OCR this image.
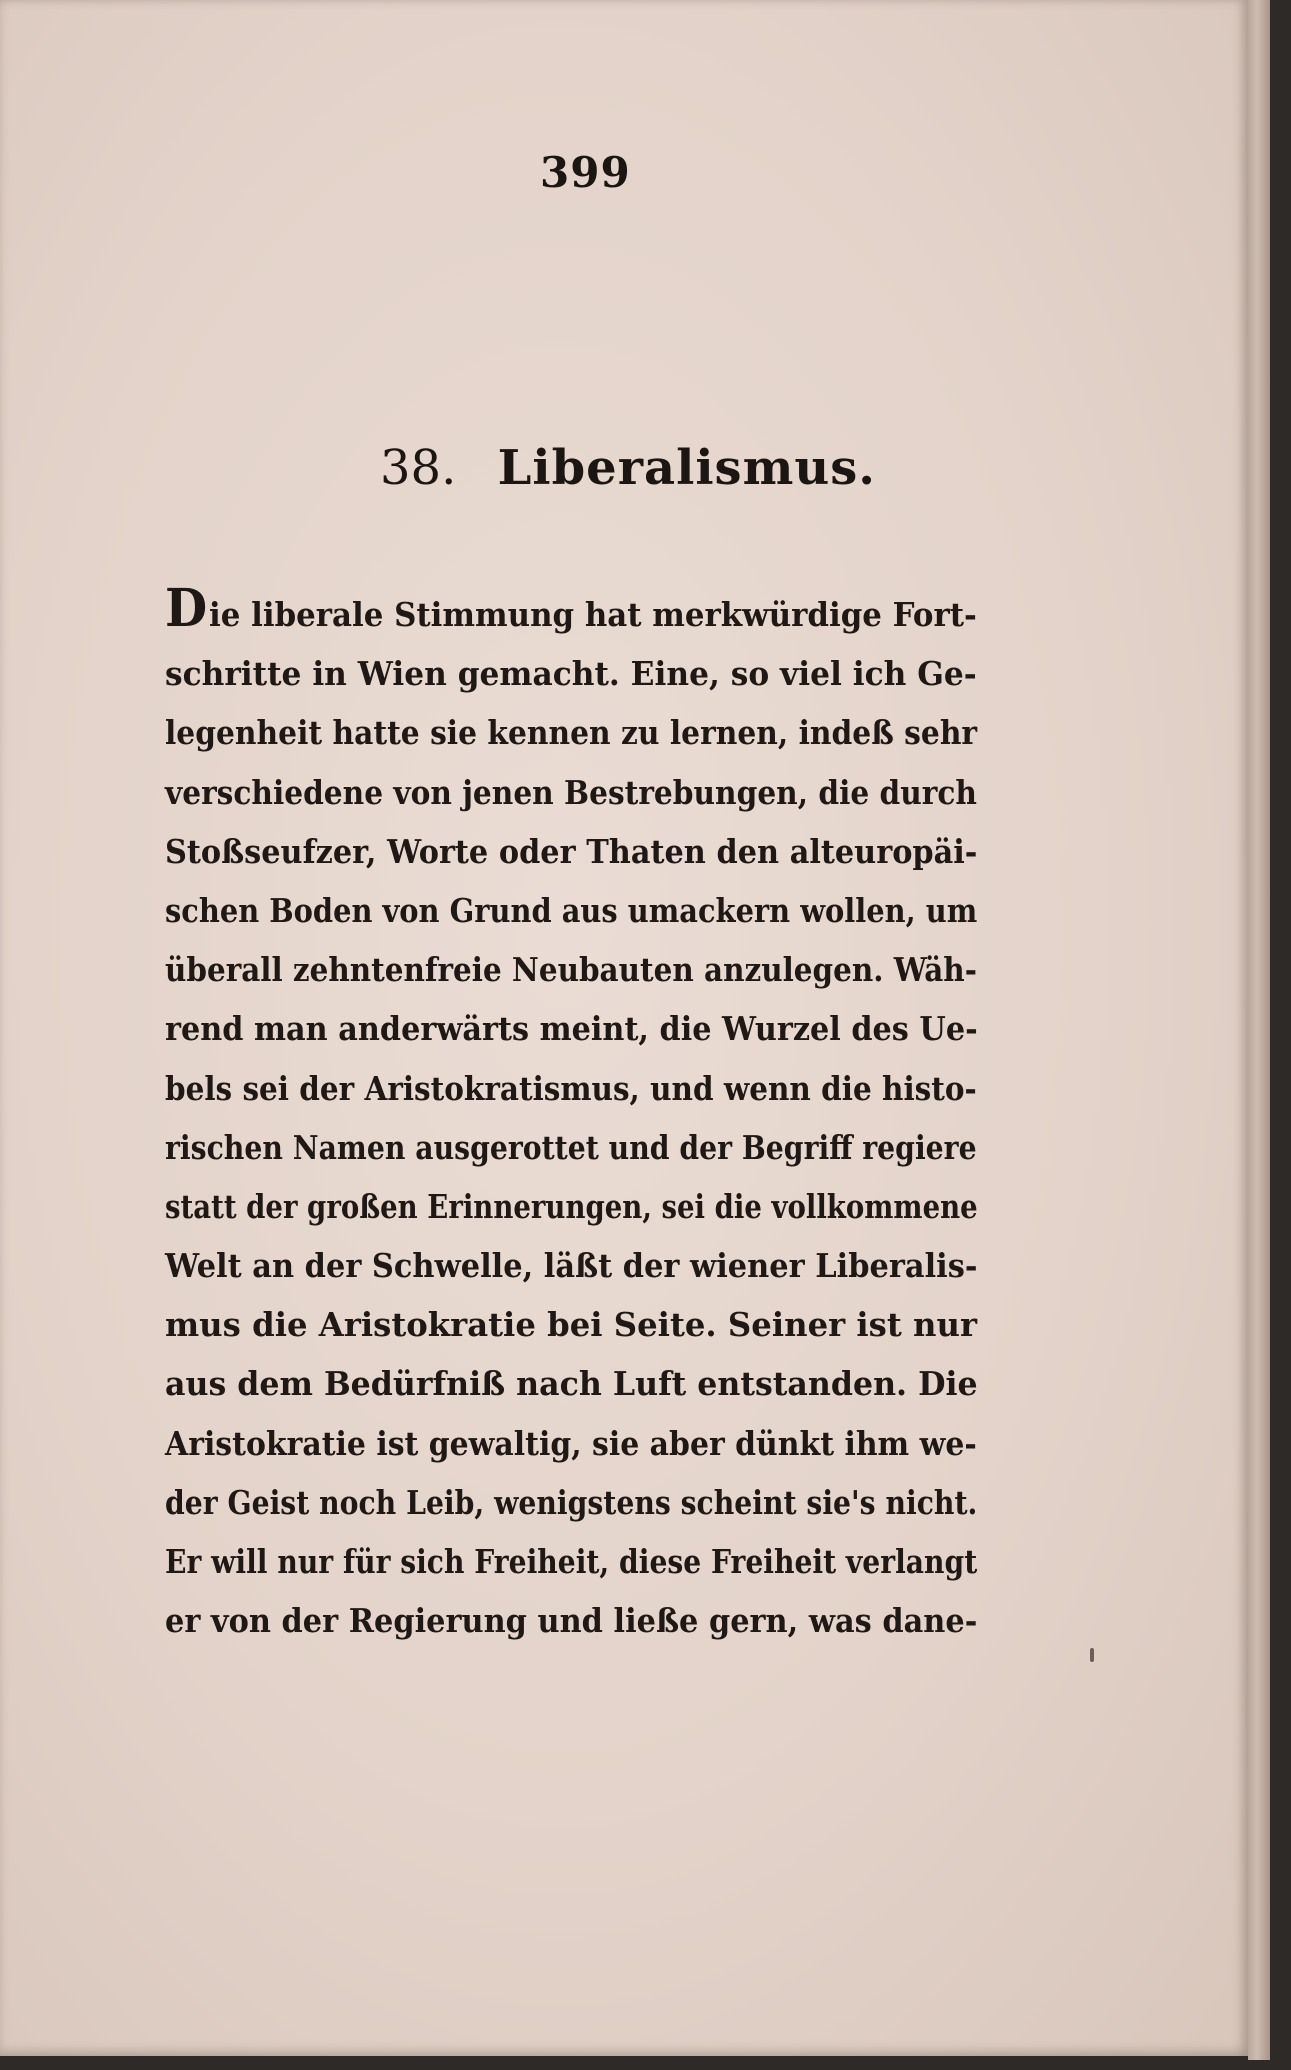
399
38. Liberalismus.
Die liberale Stimmung hat merkwürdige Fort-
schritte in Wien gemacht. Eine, so viel ich Ge-
legenheit hatte sie kennen zu lernen, indeß sehr
verschiedene von jenen Bestrebungen, die durch
Stoßseufzer, Worte oder Thaten den alteuropäi-
schen Boden von Grund aus umackern wollen, um
überall zehntenfreie Neubauten anzulegen. Wäh-
rend man anderwärts meint, die Wurzel des Ue-
bels sei der Aristokratismus, und wenn die histo-
rischen Namen ausgerottet und der Begriff regiere
statt der großen Erinnerungen, sei die vollkommene
Welt an der Schwelle, läßt der wiener Liberalis-
mus die Aristokratie bei Seite. Seiner ist nur
aus dem Bedürfniß nach Luft entstanden. Die
Aristokratie ist gewaltig, sie aber dünkt ihm we-
der Geist noch Leib, wenigstens scheint sie's nicht.
Er will nur für sich Freiheit, diese Freiheit verlangt
er von der Regierung und ließe gern, was dane-
